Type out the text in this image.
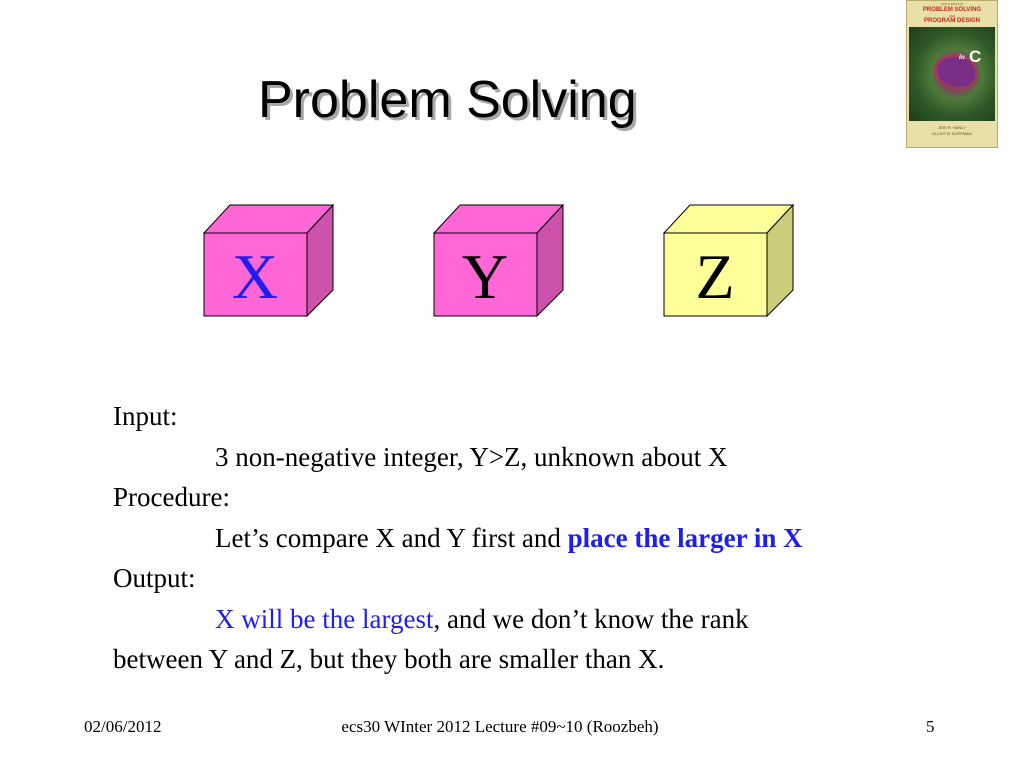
Problem Solving
SIXTH EDITION
PROBLEM SOLVING
AND
PROGRAM DESIGN
in C
JERI R. HANLY
ELLIOT B. KOFFMAN
X	Y	Z
Input:
3 non-negative integer, Y>Z, unknown about X
Procedure:
Let’s compare X and Y first and place the larger in X
Output:
X will be the largest, and we don’t know the rank
between Y and Z, but they both are smaller than X.
02/06/2012	ecs30 WInter 2012 Lecture #09~10 (Roozbeh)	5
